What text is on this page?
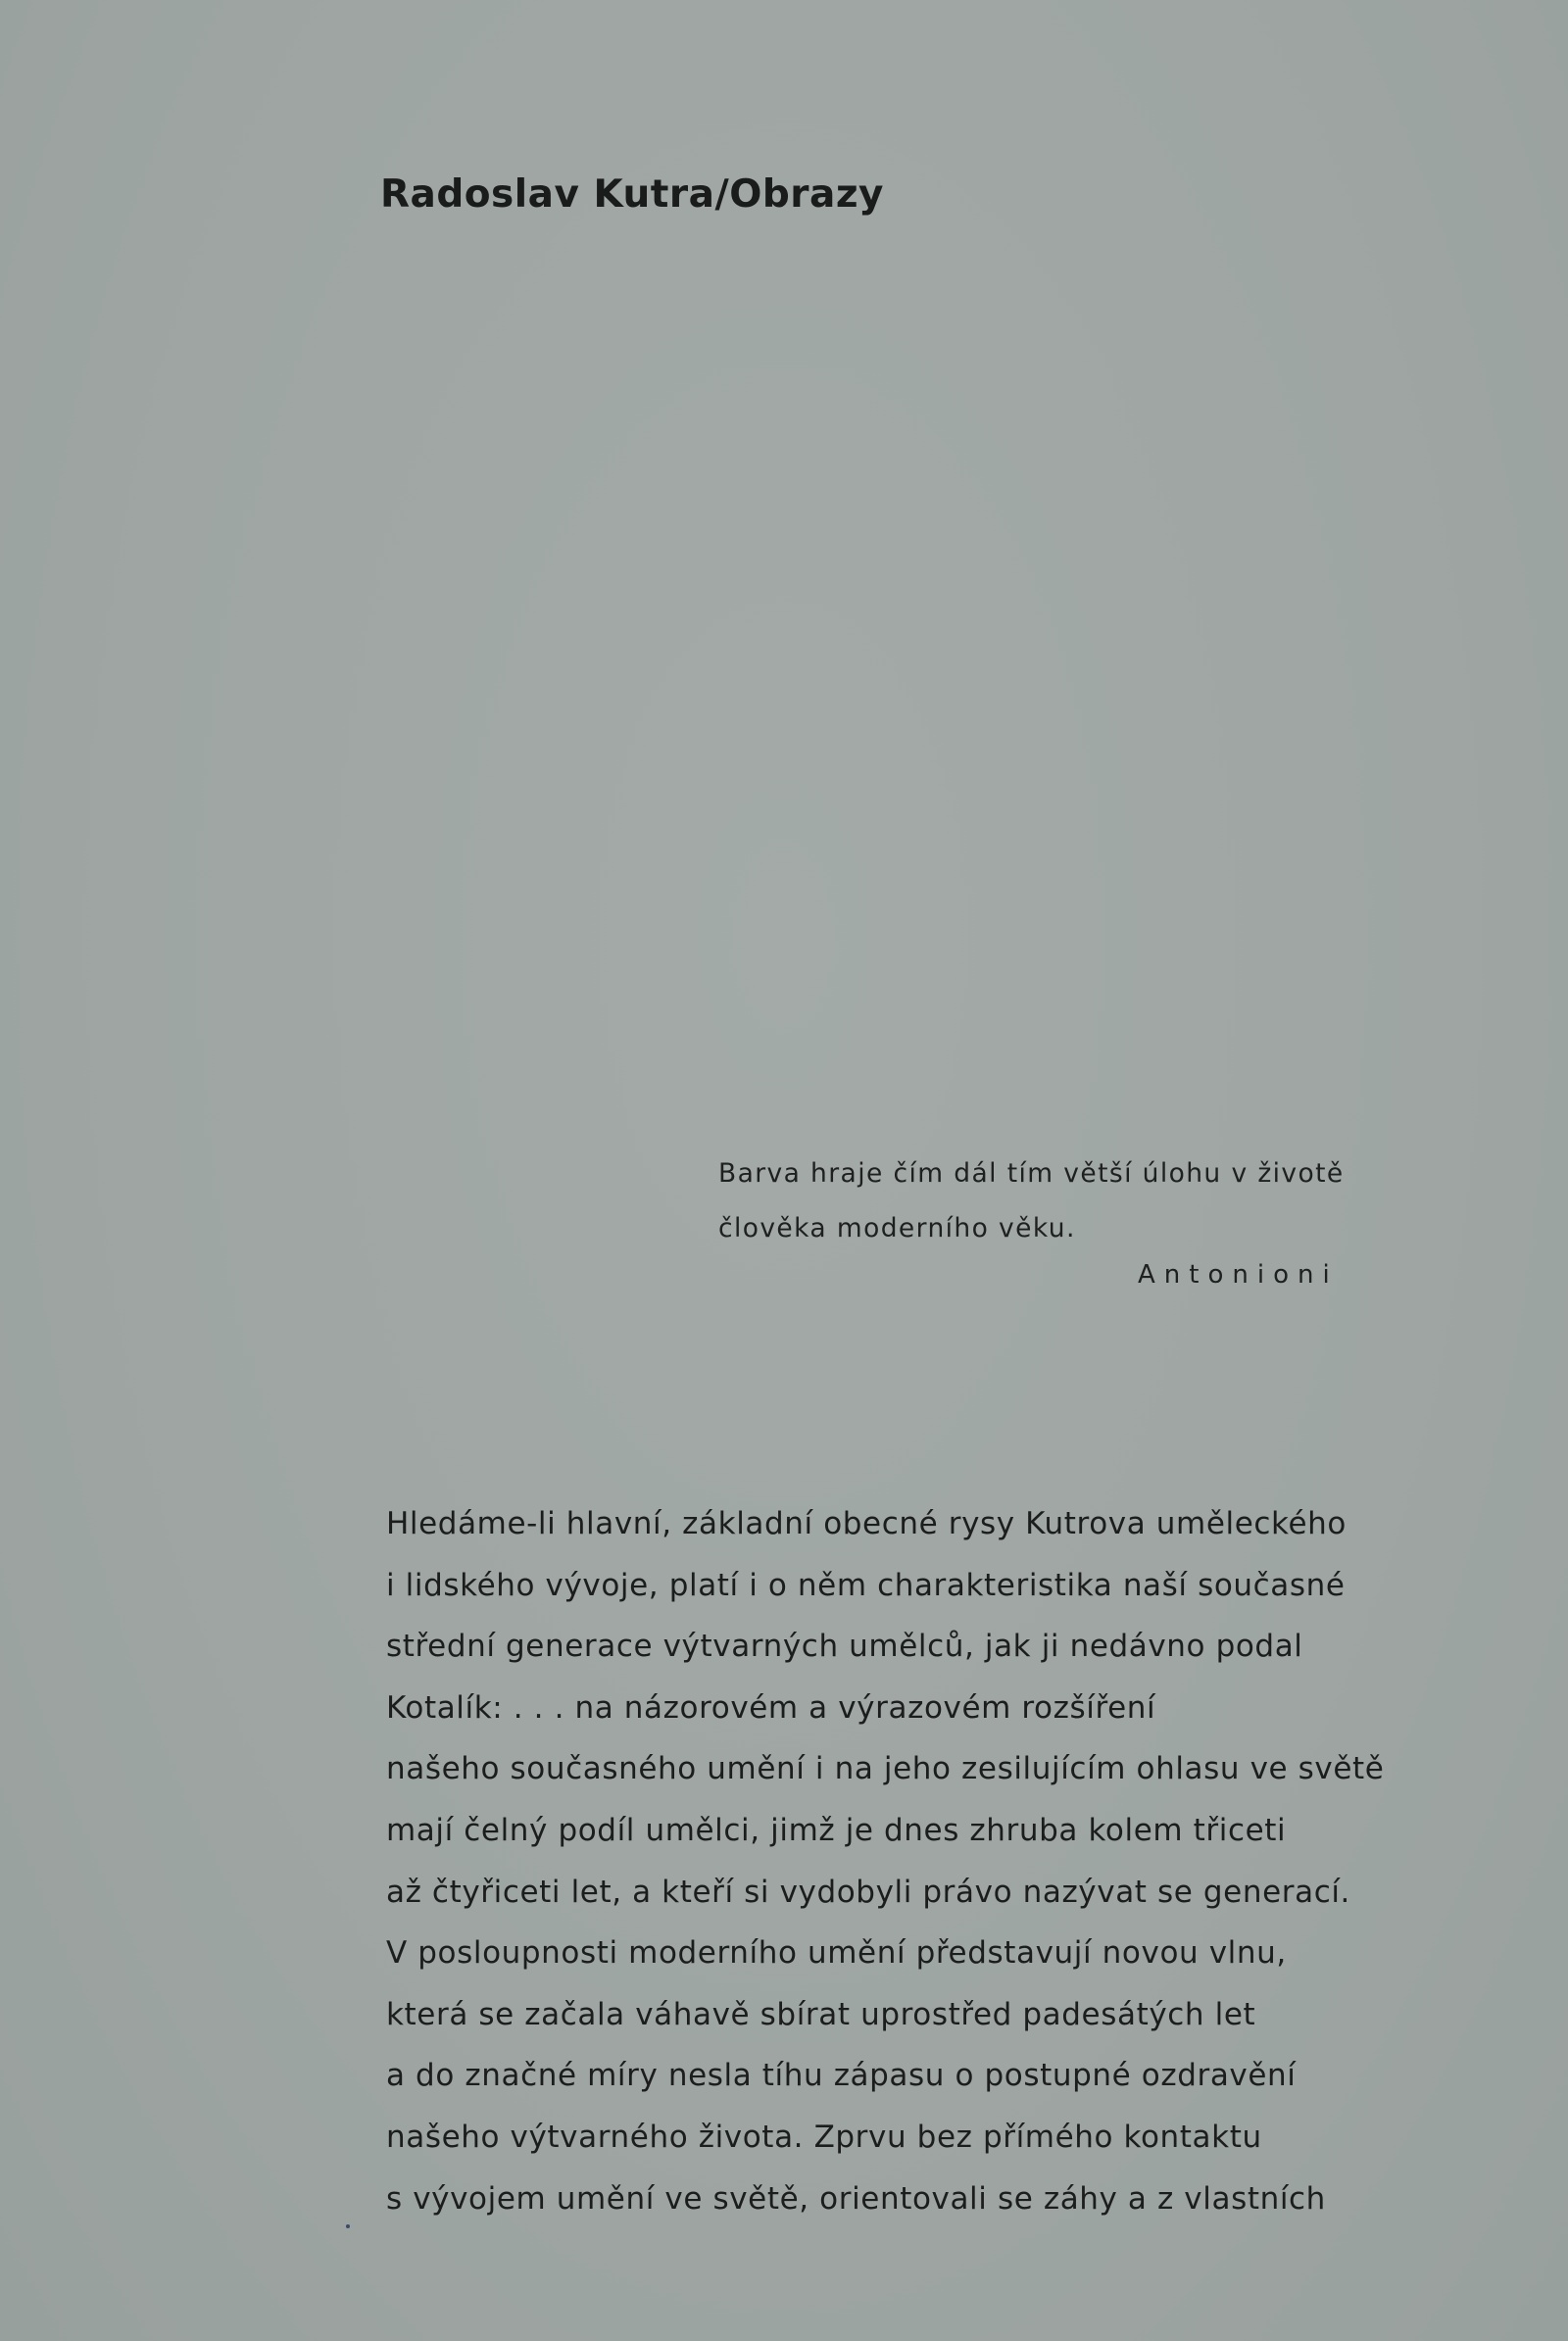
Radoslav Kutra/Obrazy
Barva hraje čím dál tím větší úlohu v životě
člověka moderního věku.
Antonioni
Hledáme-li hlavní, základní obecné rysy Kutrova uměleckého
i lidského vývoje, platí i o něm charakteristika naší současné
střední generace výtvarných umělců, jak ji nedávno podal
Kotalík: . . . na názorovém a výrazovém rozšíření
našeho současného umění i na jeho zesilujícím ohlasu ve světě
mají čelný podíl umělci, jimž je dnes zhruba kolem třiceti
až čtyřiceti let, a kteří si vydobyli právo nazývat se generací.
V posloupnosti moderního umění představují novou vlnu,
která se začala váhavě sbírat uprostřed padesátých let
a do značné míry nesla tíhu zápasu o postupné ozdravění
našeho výtvarného života. Zprvu bez přímého kontaktu
s vývojem umění ve světě, orientovali se záhy a z vlastních
